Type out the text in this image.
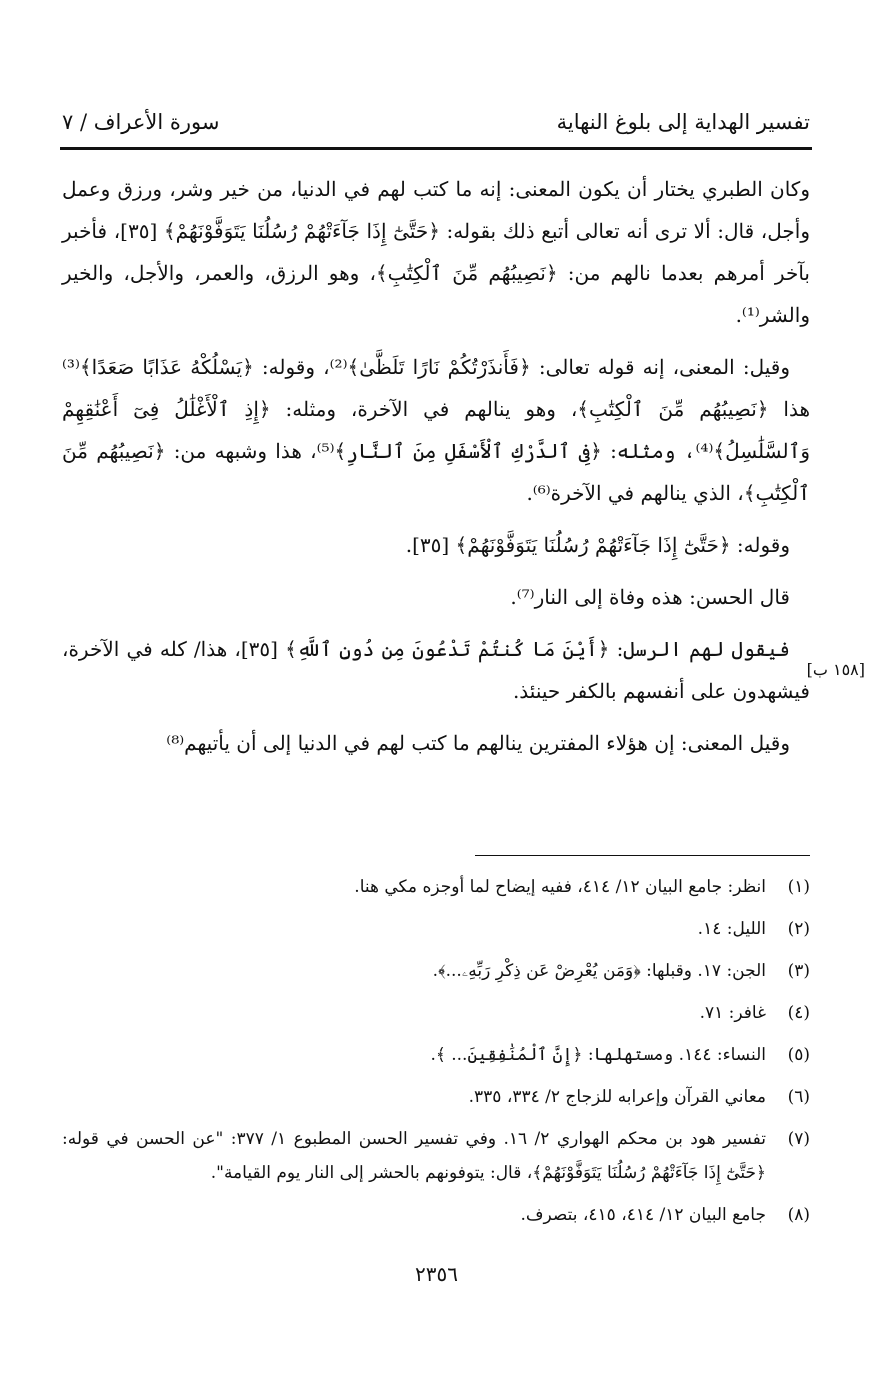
تفسير الهداية إلى بلوغ النهاية
سورة الأعراف / ٧

وكان الطبري يختار أن يكون المعنى: إنه ما كتب لهم في الدنيا، من خير وشر، ورزق وعمل وأجل، قال: ألا ترى أنه تعالى أتبع ذلك بقوله: ﴿حَتَّىٰٓ إِذَا جَآءَتْهُمْ رُسُلُنَا يَتَوَفَّوْنَهُمْ﴾ [٣٥]، فأخبر بآخر أمرهم بعدما نالهم من: ﴿نَصِيبُهُم مِّنَ ٱلْكِتَٰبِ﴾، وهو الرزق، والعمر، والأجل، والخير والشر⁽¹⁾.

وقيل: المعنى، إنه قوله تعالى: ﴿فَأَنذَرْتُكُمْ نَارًا تَلَظَّىٰ﴾⁽²⁾، وقوله: ﴿يَسْلُكْهُ عَذَابًا صَعَدًا﴾⁽³⁾ هذا ﴿نَصِيبُهُم مِّنَ ٱلْكِتَٰبِ﴾، وهو ينالهم في الآخرة، ومثله: ﴿إِذِ ٱلْأَغْلَٰلُ فِىٓ أَعْنَٰقِهِمْ وَٱلسَّلَٰسِلُ﴾⁽⁴⁾، ومثله: ﴿فِى ٱلدَّرْكِ ٱلْأَسْفَلِ مِنَ ٱلنَّارِ﴾⁽⁵⁾، هذا وشبهه من: ﴿نَصِيبُهُم مِّنَ ٱلْكِتَٰبِ﴾، الذي ينالهم في الآخرة⁽⁶⁾.

وقوله: ﴿حَتَّىٰٓ إِذَا جَآءَتْهُمْ رُسُلُنَا يَتَوَفَّوْنَهُمْ﴾ [٣٥].

قال الحسن: هذه وفاة إلى النار⁽⁷⁾.

فيقول لهم الرسل: ﴿أَيْنَ مَا كُنتُمْ تَدْعُونَ مِن دُونِ ٱللَّهِ﴾ [٣٥]، هذا/ كله في الآخرة، فيشهدون على أنفسهم بالكفر حينئذ.

وقيل المعنى: إن هؤلاء المفترين ينالهم ما كتب لهم في الدنيا إلى أن يأتيهم⁽⁸⁾

[١٥٨ ب]
(١)
انظر: جامع البيان ١٢/ ٤١٤، ففيه إيضاح لما أوجزه مكي هنا.
(٢)
الليل: ١٤.
(٣)
الجن: ١٧. وقبلها: ﴿وَمَن يُعْرِضْ عَن ذِكْرِ رَبِّهِۦ...﴾.
(٤)
غافر: ٧١.
(٥)
النساء: ١٤٤. ومستهلها: ﴿إِنَّ ٱلْمُنَٰفِقِينَ... ﴾.
(٦)
معاني القرآن وإعرابه للزجاج ٢/ ٣٣٤، ٣٣٥.
(٧)
تفسير هود بن محكم الهواري ٢/ ١٦. وفي تفسير الحسن المطبوع ١/ ٣٧٧: "عن الحسن في قوله: ﴿حَتَّىٰٓ إِذَا جَآءَتْهُمْ رُسُلُنَا يَتَوَفَّوْنَهُمْ﴾، قال: يتوفونهم بالحشر إلى النار يوم القيامة".
(٨)
جامع البيان ١٢/ ٤١٤، ٤١٥، بتصرف.
٢٣٥٦
